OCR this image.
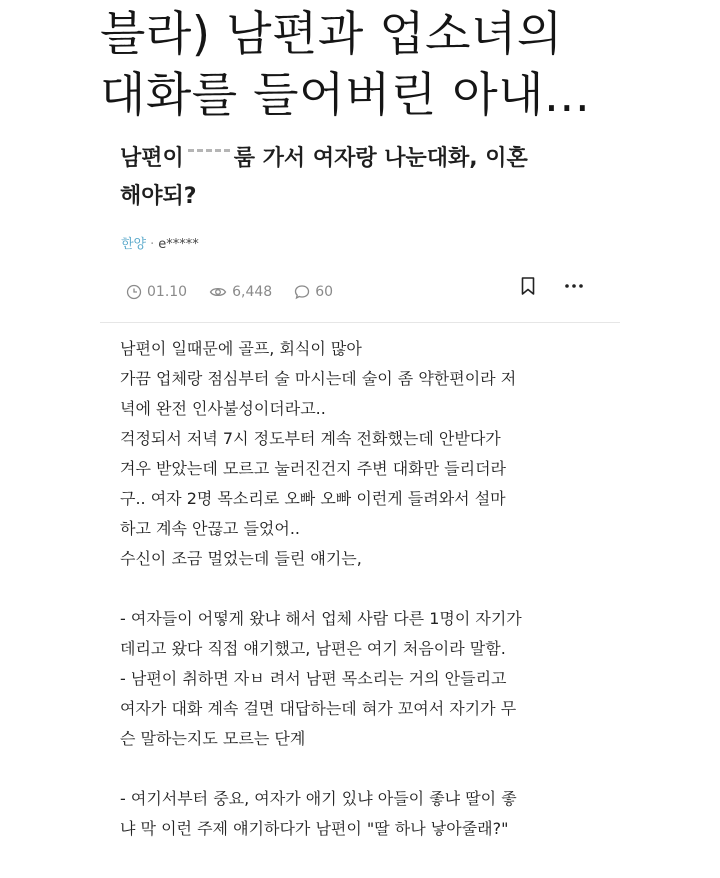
블라) 남편과 업소녀의
대화를 들어버린 아내...
남편이 룸 가서 여자랑 나눈대화, 이혼
해야되?
한양 · e*****
01.10	6,448	60

남편이 일때문에 골프, 회식이 많아

가끔 업체랑 점심부터 술 마시는데 술이 좀 약한편이라 저

녁에 완전 인사불성이더라고..

걱정되서 저녁 7시 정도부터 계속 전화했는데 안받다가

겨우 받았는데 모르고 눌러진건지 주변 대화만 들리더라

구.. 여자 2명 목소리로 오빠 오빠 이런게 들려와서 설마

하고 계속 안끊고 들었어..

수신이 조금 멀었는데 들린 얘기는,

- 여자들이 어떻게 왔냐 해서 업체 사람 다른 1명이 자기가

데리고 왔다 직접 얘기했고, 남편은 여기 처음이라 말함.

- 남편이 취하면 자ㅂ 려서 남편 목소리는 거의 안들리고

여자가 대화 계속 걸면 대답하는데 혀가 꼬여서 자기가 무

슨 말하는지도 모르는 단계

- 여기서부터 중요, 여자가 애기 있냐 아들이 좋냐 딸이 좋

냐 막 이런 주제 얘기하다가 남편이 "딸 하나 낳아줄래?"
